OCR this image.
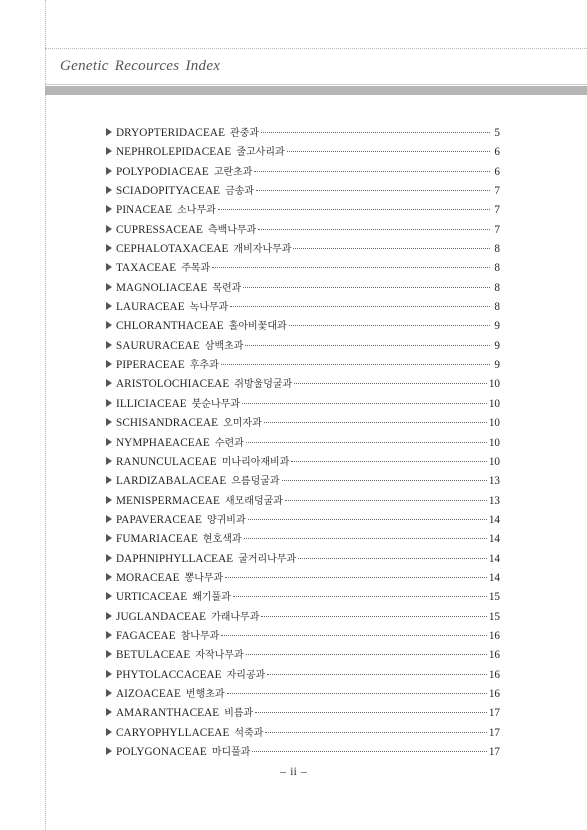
Genetic Recources Index
DRYOPTERIDACEAE 관중과	5
NEPHROLEPIDACEAE 줄고사리과	6
POLYPODIACEAE 고란초과	6
SCIADOPITYACEAE 금송과	7
PINACEAE 소나무과	7
CUPRESSACEAE 측백나무과	7
CEPHALOTAXACEAE 개비자나무과	8
TAXACEAE 주목과	8
MAGNOLIACEAE 목련과	8
LAURACEAE 녹나무과	8
CHLORANTHACEAE 홀아비꽃대과	9
SAURURACEAE 삼백초과	9
PIPERACEAE 후추과	9
ARISTOLOCHIACEAE 쥐방울덩굴과	10
ILLICIACEAE 붓순나무과	10
SCHISANDRACEAE 오미자과	10
NYMPHAEACEAE 수련과	10
RANUNCULACEAE 미나리아재비과	10
LARDIZABALACEAE 으름덩굴과	13
MENISPERMACEAE 새모래덩굴과	13
PAPAVERACEAE 양귀비과	14
FUMARIACEAE 현호색과	14
DAPHNIPHYLLACEAE 굴거리나무과	14
MORACEAE 뽕나무과	14
URTICACEAE 쐐기풀과	15
JUGLANDACEAE 가래나무과	15
FAGACEAE 참나무과	16
BETULACEAE 자작나무과	16
PHYTOLACCACEAE 자리공과	16
AIZOACEAE 번행초과	16
AMARANTHACEAE 비름과	17
CARYOPHYLLACEAE 석죽과	17
POLYGONACEAE 마디풀과	17
– ii –
